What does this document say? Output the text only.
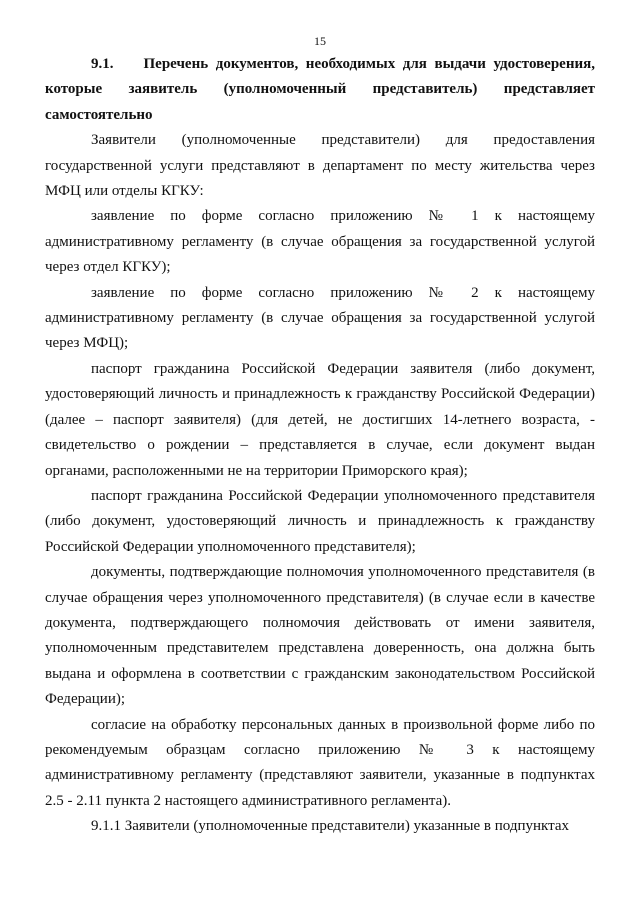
15

9.1. Перечень документов, необходимых для выдачи удостоверения, которые заявитель (уполномоченный представитель) представляет самостоятельно

Заявители (уполномоченные представители) для предоставления государственной услуги представляют в департамент по месту жительства через МФЦ или отделы КГКУ:

заявление по форме согласно приложению № 1 к настоящему административному регламенту (в случае обращения за государственной услугой через отдел КГКУ);

заявление по форме согласно приложению № 2 к настоящему административному регламенту (в случае обращения за государственной услугой через МФЦ);

паспорт гражданина Российской Федерации заявителя (либо документ, удостоверяющий личность и принадлежность к гражданству Российской Федерации) (далее – паспорт заявителя) (для детей, не достигших 14-летнего возраста, - свидетельство о рождении – представляется в случае, если документ выдан органами, расположенными не на территории Приморского края);

паспорт гражданина Российской Федерации уполномоченного представителя (либо документ, удостоверяющий личность и принадлежность к гражданству Российской Федерации уполномоченного представителя);

документы, подтверждающие полномочия уполномоченного представителя (в случае обращения через уполномоченного представителя) (в случае если в качестве документа, подтверждающего полномочия действовать от имени заявителя, уполномоченным представителем представлена доверенность, она должна быть выдана и оформлена в соответствии с гражданским законодательством Российской Федерации);

согласие на обработку персональных данных в произвольной форме либо по рекомендуемым образцам согласно приложению № 3 к настоящему административному регламенту (представляют заявители, указанные в подпунктах 2.5 - 2.11 пункта 2 настоящего административного регламента).

9.1.1 Заявители (уполномоченные представители) указанные в подпунктах
